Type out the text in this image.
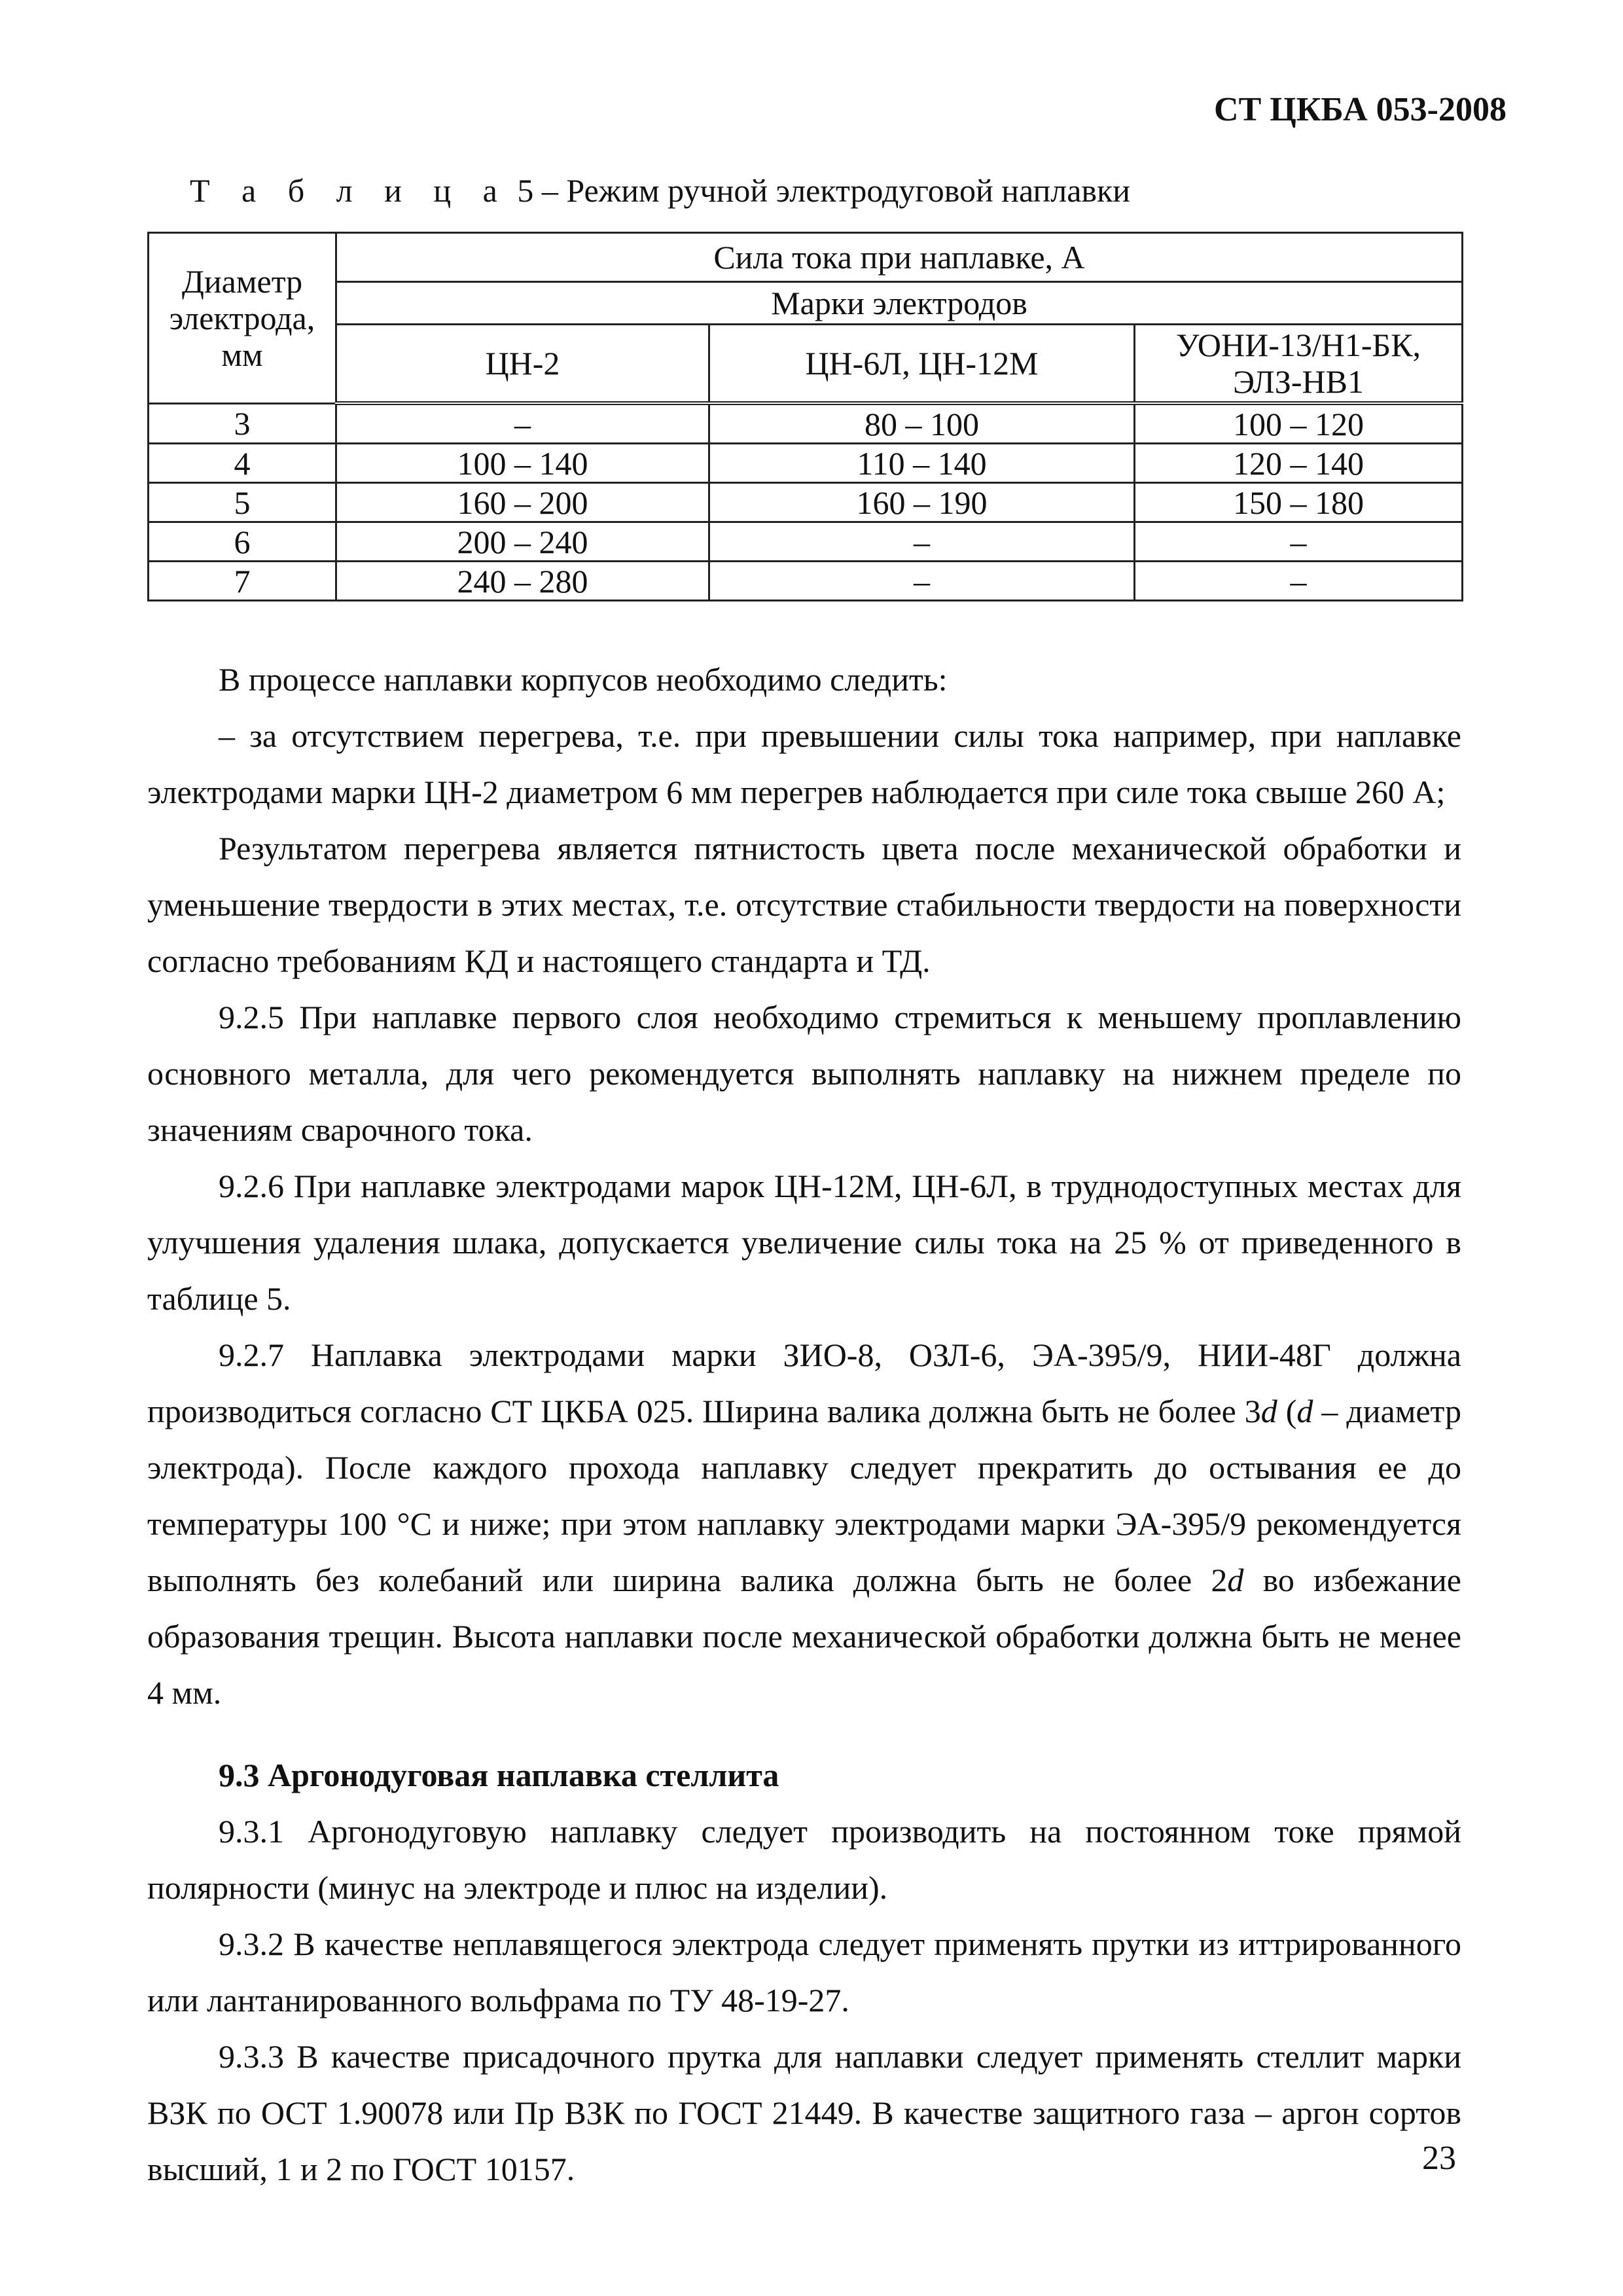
СТ ЦКБА 053-2008
Т а б л и ц а 5 – Режим ручной электродуговой наплавки
Диаметр электрода, мм	Сила тока при наплавке, А		
	Марки электродов		
	ЦН-2	ЦН-6Л, ЦН-12М	УОНИ-13/Н1-БК, ЭЛЗ-НВ1
3	–	80 – 100	100 – 120
4	100 – 140	110 – 140	120 – 140
5	160 – 200	160 – 190	150 – 180
6	200 – 240	–	–
7	240 – 280	–	–

В процессе наплавки корпусов необходимо следить:

– за отсутствием перегрева, т.е. при превышении силы тока например, при наплавке электродами марки ЦН-2 диаметром 6 мм перегрев наблюдается при силе тока свыше 260 А;

Результатом перегрева является пятнистость цвета после механической обработки и уменьшение твердости в этих местах, т.е. отсутствие стабильности твердости на поверхности согласно требованиям КД и настоящего стандарта и ТД.

9.2.5 При наплавке первого слоя необходимо стремиться к меньшему проплавлению основного металла, для чего рекомендуется выполнять наплавку на нижнем пределе по значениям сварочного тока.

9.2.6 При наплавке электродами марок ЦН-12М, ЦН-6Л, в труднодоступных местах для улучшения удаления шлака, допускается увеличение силы тока на 25 % от приведенного в таблице 5.

9.2.7 Наплавка электродами марки ЗИО-8, ОЗЛ-6, ЭА-395/9, НИИ-48Г должна производиться согласно СТ ЦКБА 025. Ширина валика должна быть не более 3d (d – диаметр электрода). После каждого прохода наплавку следует прекратить до остывания ее до температуры 100 °С и ниже; при этом наплавку электродами марки ЭА-395/9 рекомендуется выполнять без колебаний или ширина валика должна быть не более 2d во избежание образования трещин. Высота наплавки после механической обработки должна быть не менее 4 мм.

9.3 Аргонодуговая наплавка стеллита

9.3.1 Аргонодуговую наплавку следует производить на постоянном токе прямой полярности (минус на электроде и плюс на изделии).

9.3.2 В качестве неплавящегося электрода следует применять прутки из иттрированного или лантанированного вольфрама по ТУ 48-19-27.

9.3.3 В качестве присадочного прутка для наплавки следует применять стеллит марки ВЗК по ОСТ 1.90078 или Пр ВЗК по ГОСТ 21449. В качестве защитного газа – аргон сортов высший, 1 и 2 по ГОСТ 10157.	23
